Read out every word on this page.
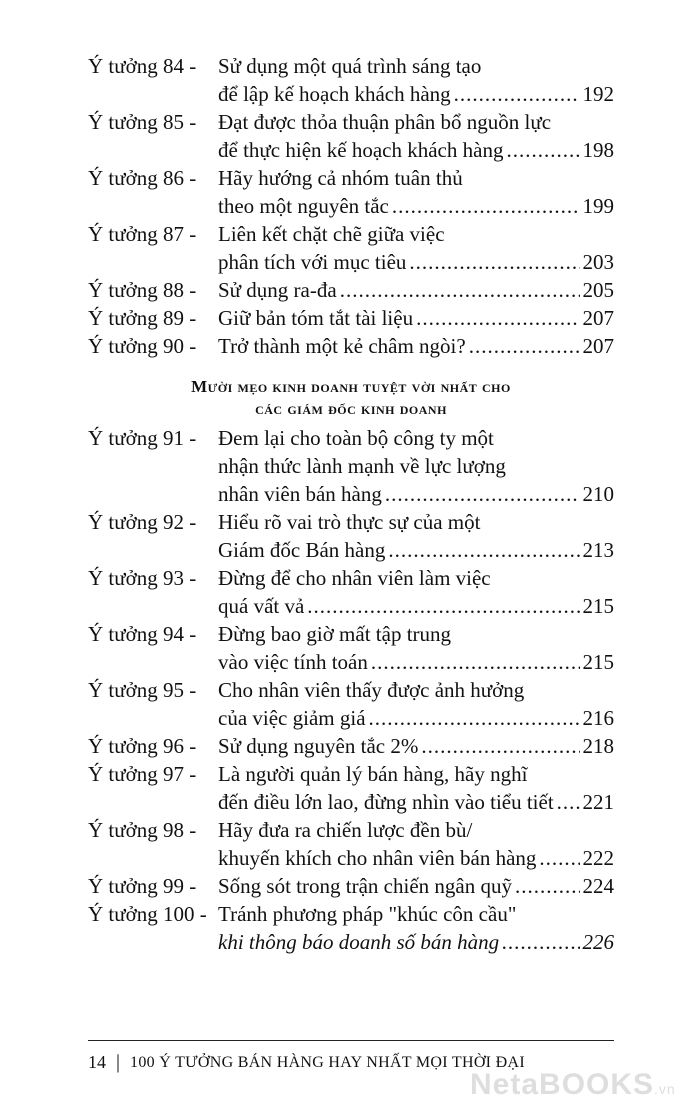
Ý tưởng 84 -	Sử dụng một quá trình sáng tạo
để lập kế hoạch khách hàng .....	192
Ý tưởng 85 -	Đạt được thỏa thuận phân bổ nguồn lực
để thực hiện kế hoạch khách hàng .....	198
Ý tưởng 86 -	Hãy hướng cả nhóm tuân thủ
theo một nguyên tắc .....	199
Ý tưởng 87 -	Liên kết chặt chẽ giữa việc
phân tích với mục tiêu .....	203
Ý tưởng 88 -	Sử dụng ra-đa .....	205
Ý tưởng 89 -	Giữ bản tóm tắt tài liệu .....	207
Ý tưởng 90 -	Trở thành một kẻ châm ngòi? .....	207
Mười mẹo kinh doanh tuyệt vời nhất cho
các giám đốc kinh doanh
Ý tưởng 91 -	Đem lại cho toàn bộ công ty một
nhận thức lành mạnh về lực lượng
nhân viên bán hàng .....	210
Ý tưởng 92 -	Hiểu rõ vai trò thực sự của một
Giám đốc Bán hàng .....	213
Ý tưởng 93 -	Đừng để cho nhân viên làm việc
quá vất vả .....	215
Ý tưởng 94 -	Đừng bao giờ mất tập trung
vào việc tính toán .....	215
Ý tưởng 95 -	Cho nhân viên thấy được ảnh hưởng
của việc giảm giá .....	216
Ý tưởng 96 -	Sử dụng nguyên tắc 2% .....	218
Ý tưởng 97 -	Là người quản lý bán hàng, hãy nghĩ
đến điều lớn lao, đừng nhìn vào tiểu tiết ..... 221
Ý tưởng 98 -	Hãy đưa ra chiến lược đền bù/
khuyến khích cho nhân viên bán hàng ..... 222
Ý tưởng 99 -	Sống sót trong trận chiến ngân quỹ .....	224
Ý tưởng 100 - Tránh phương pháp "khúc côn cầu"
khi thông báo doanh số bán hàng .....	226
14 | 100 Ý TƯỞNG BÁN HÀNG HAY NHẤT MỌI THỜI ĐẠI
NetaBOOKS.vn
